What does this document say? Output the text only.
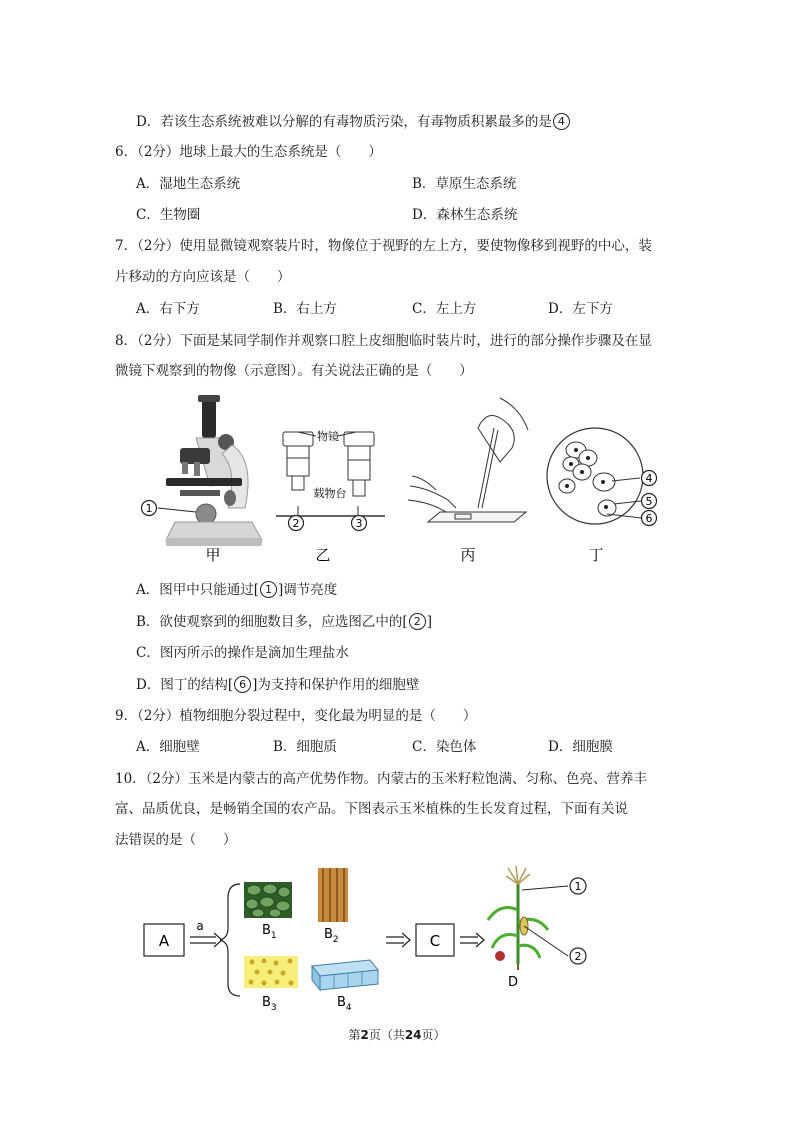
D．若该生态系统被难以分解的有毒物质污染，有毒物质积累最多的是 4
6．（2分）地球上最大的生态系统是（　　）
A．湿地生态系统	B．草原生态系统
C．生物圈	D．森林生态系统
7．（2分）使用显微镜观察装片时，物像位于视野的左上方，要使物像移到视野的中心，装
片移动的方向应该是（　　）
A．右下方	B．右上方	C．左上方	D．左下方
8．（2分）下面是某同学制作并观察口腔上皮细胞临时装片时，进行的部分操作步骤及在显
微镜下观察到的物像（示意图）。有关说法正确的是（　　）
1
物镜
载物台
2	3
4
5
6
甲	乙	丙	丁
A．图甲中只能通过[ 1 ]调节亮度
B．欲使观察到的细胞数目多，应选图乙中的[ 2 ]
C．图丙所示的操作是滴加生理盐水
D．图丁的结构[ 6 ]为支持和保护作用的细胞壁
9．（2分）植物细胞分裂过程中，变化最为明显的是（　　）
A．细胞壁	B．细胞质	C．染色体	D．细胞膜
10．（2分）玉米是内蒙古的高产优势作物。内蒙古的玉米籽粒饱满、匀称、色亮、营养丰
富、品质优良，是畅销全国的农产品。下图表示玉米植株的生长发育过程，下面有关说
法错误的是（　　）
A
a	$B_1$	$B_2$
$B_3$	$B_4$
C
D
1
2
第2页（共24页）
